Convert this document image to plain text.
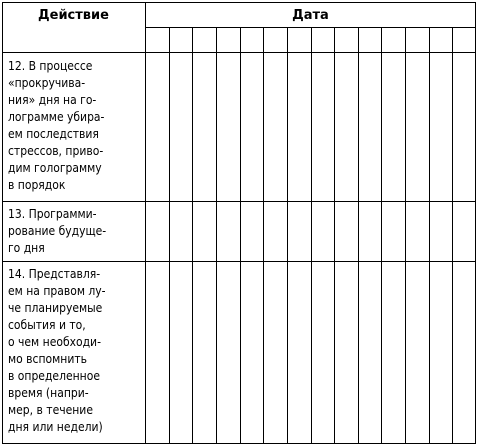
Действие	Дата
12. В процессе
«прокручива-
ния» дня на го-
лограмме убира-
ем последствия
стрессов, приво-
дим голограмму
в порядок
13. Программи-
рование будуще-
го дня
14. Представля-
ем на правом лу-
че планируемые
события и то,
о чем необходи-
мо вспомнить
в определенное
время (напри-
мер, в течение
дня или недели)
